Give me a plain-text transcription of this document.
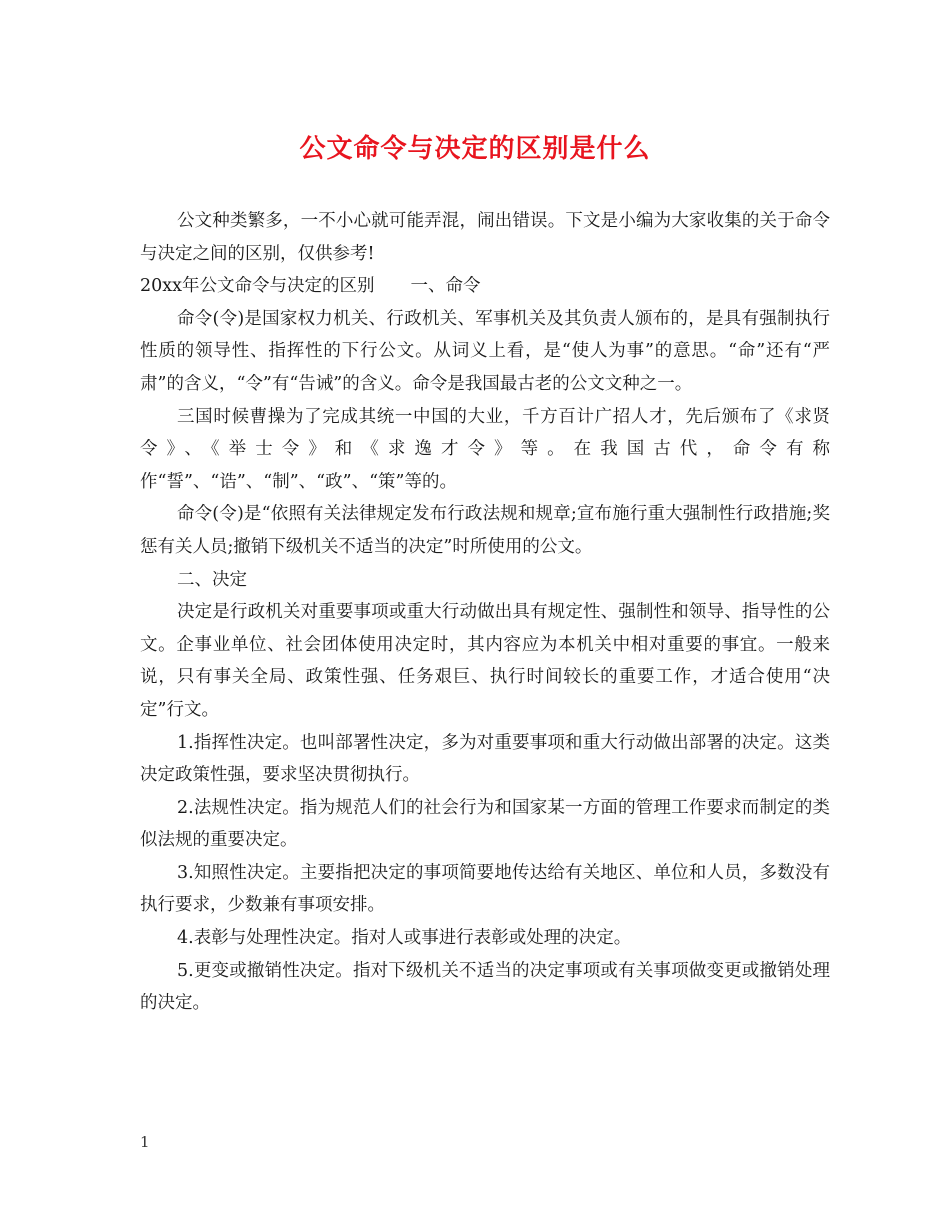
公文命令与决定的区别是什么

公文种类繁多，一不小心就可能弄混，闹出错误。下文是小编为大家收集的关于命令与决定之间的区别，仅供参考!

20xx年公文命令与决定的区别 一、命令

命令(令)是国家权力机关、行政机关、军事机关及其负责人颁布的，是具有强制执行性质的领导性、指挥性的下行公文。从词义上看，是“使人为事”的意思。“命”还有“严肃”的含义，“令”有“告诫”的含义。命令是我国最古老的公文文种之一。

三国时候曹操为了完成其统一中国的大业，千方百计广招人才，先后颁布了《求贤令》、《举士令》和《求逸才令》等。在我国古代，命令有称作“誓”、“诰”、“制”、“政”、“策”等的。

命令(令)是“依照有关法律规定发布行政法规和规章;宣布施行重大强制性行政措施;奖惩有关人员;撤销下级机关不适当的决定”时所使用的公文。

二、决定

决定是行政机关对重要事项或重大行动做出具有规定性、强制性和领导、指导性的公文。企事业单位、社会团体使用决定时，其内容应为本机关中相对重要的事宜。一般来说，只有事关全局、政策性强、任务艰巨、执行时间较长的重要工作，才适合使用“决定”行文。

1.指挥性决定。也叫部署性决定，多为对重要事项和重大行动做出部署的决定。这类决定政策性强，要求坚决贯彻执行。

2.法规性决定。指为规范人们的社会行为和国家某一方面的管理工作要求而制定的类似法规的重要决定。

3.知照性决定。主要指把决定的事项简要地传达给有关地区、单位和人员，多数没有执行要求，少数兼有事项安排。

4.表彰与处理性决定。指对人或事进行表彰或处理的决定。

5.更变或撤销性决定。指对下级机关不适当的决定事项或有关事项做变更或撤销处理的决定。

1
